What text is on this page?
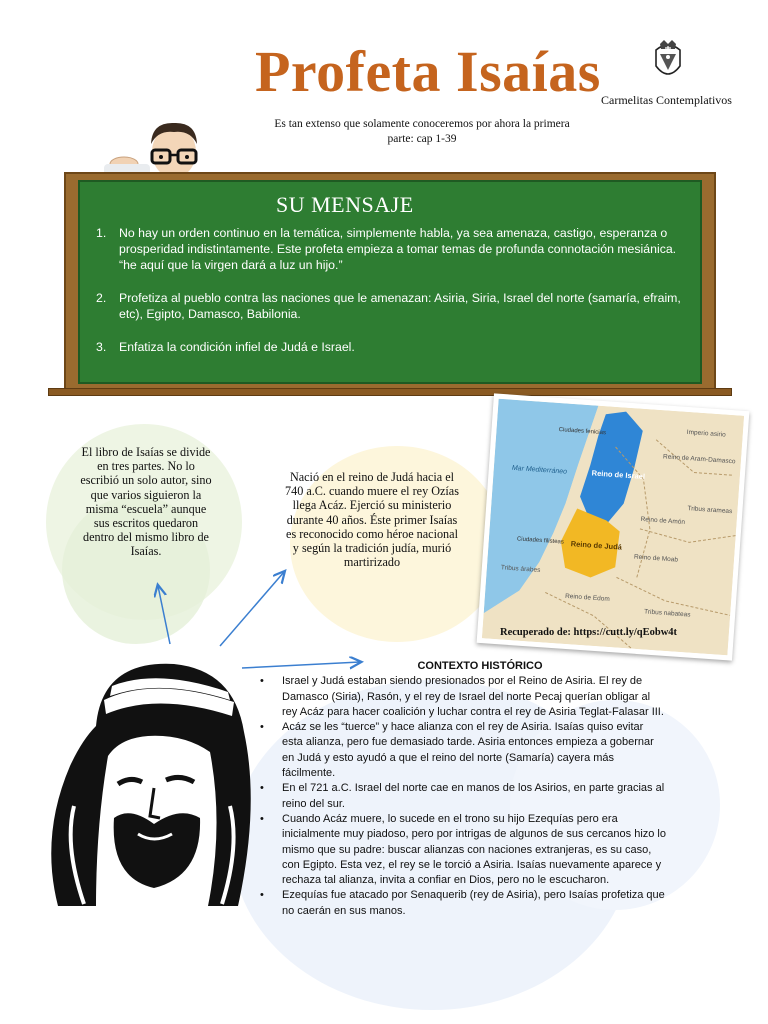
Profeta Isaías Carmelitas Contemplativos
Es tan extenso que solamente conoceremos por ahora la primera parte: cap 1-39
SU MENSAJE
1.	No hay un orden continuo en la temática, simplemente habla, ya sea amenaza, castigo, esperanza o prosperidad indistintamente. Este profeta empieza a tomar temas de profunda connotación mesiánica. “he aquí que la virgen dará a luz un hijo.”
2.	Profetiza al pueblo contra las naciones que le amenazan: Asiria, Siria, Israel del norte (samaría, efraim, etc), Egipto, Damasco, Babilonia.
3.	Enfatiza la condición infiel de Judá e Israel.
El libro de Isaías se divide en tres partes. No lo escribió un solo autor, sino que varios siguieron la misma “escuela” aunque sus escritos quedaron dentro del mismo libro de Isaías.
Nació en el reino de Judá hacia el 740 a.C. cuando muere el rey Ozías llega Acáz. Ejerció su ministerio durante 40 años. Éste primer Isaías es reconocido como héroe nacional y según la tradición judía, murió martirizado
Mar Mediterráneo	Reino de Israel
Reino de Judá
Ciudades fenicias
Ciudades filisteas
Imperio asirio
Reino de Aram-Damasco
Reino de Amón
Tribus arameas
Reino de Moab
Tribus árabes
Reino de Edom
Tribus nabateas
Recuperado de: https://cutt.ly/qEobw4t
CONTEXTO HISTÓRICO
• Israel y Judá estaban siendo presionados por el Reino de Asiria. El rey de Damasco (Siria), Rasón, y el rey de Israel del norte Pecaj querían obligar al rey Acáz para hacer coalición y luchar contra el rey de Asiria Teglat-Falasar III.
• Acáz se les “tuerce” y hace alianza con el rey de Asiria. Isaías quiso evitar esta alianza, pero fue demasiado tarde. Asiria entonces empieza a gobernar en Judá y esto ayudó a que el reino del norte (Samaría) cayera más fácilmente.
• En el 721 a.C. Israel del norte cae en manos de los Asirios, en parte gracias al reino del sur.
• Cuando Acáz muere, lo sucede en el trono su hijo Ezequías pero era inicialmente muy piadoso, pero por intrigas de algunos de sus cercanos hizo lo mismo que su padre: buscar alianzas con naciones extranjeras, es su caso, con Egipto. Esta vez, el rey se le torció a Asiria. Isaías nuevamente aparece y rechaza tal alianza, invita a confiar en Dios, pero no le escucharon.
• Ezequías fue atacado por Senaquerib (rey de Asiria), pero Isaías profetiza que no caerán en sus manos.
